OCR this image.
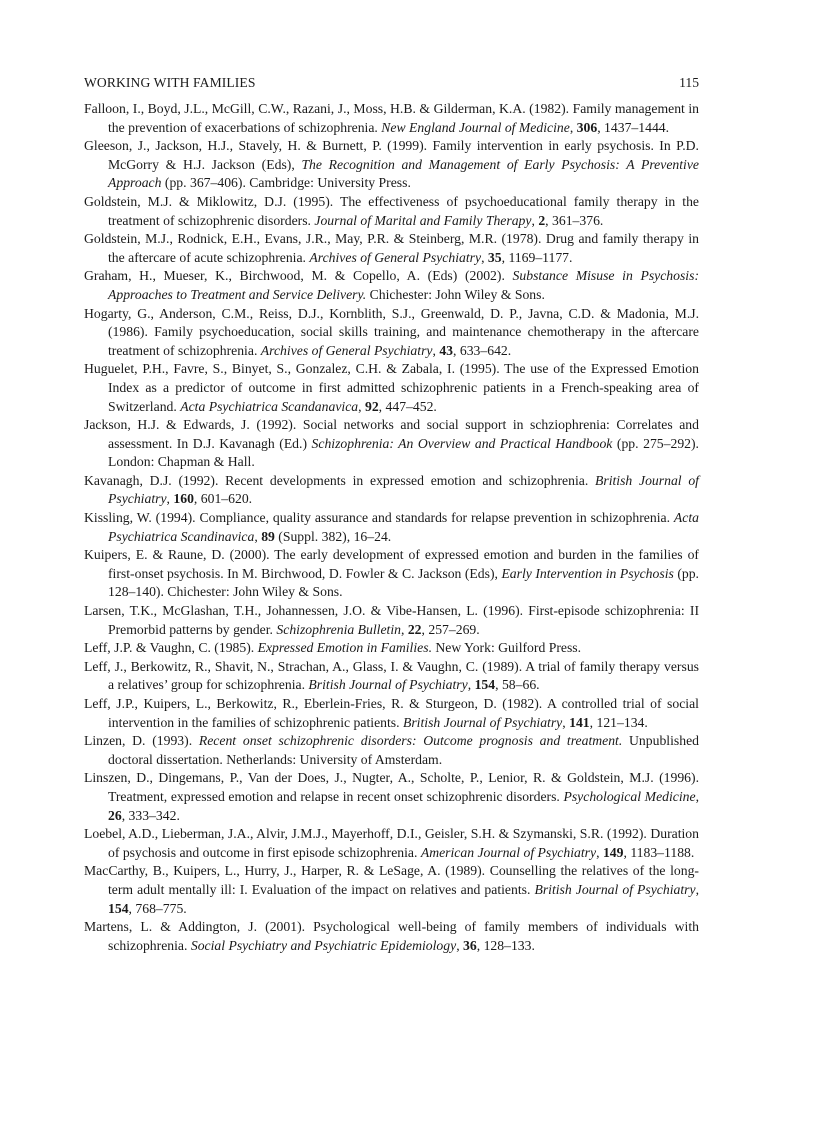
WORKING WITH FAMILIES	115

Falloon, I., Boyd, J.L., McGill, C.W., Razani, J., Moss, H.B. & Gilderman, K.A. (1982). Family management in the prevention of exacerbations of schizophrenia. New England Journal of Medicine, 306, 1437–1444.

Gleeson, J., Jackson, H.J., Stavely, H. & Burnett, P. (1999). Family intervention in early psychosis. In P.D. McGorry & H.J. Jackson (Eds), The Recognition and Management of Early Psychosis: A Preventive Approach (pp. 367–406). Cambridge: University Press.

Goldstein, M.J. & Miklowitz, D.J. (1995). The effectiveness of psychoeducational family therapy in the treatment of schizophrenic disorders. Journal of Marital and Family Therapy, 2, 361–376.

Goldstein, M.J., Rodnick, E.H., Evans, J.R., May, P.R. & Steinberg, M.R. (1978). Drug and family therapy in the aftercare of acute schizophrenia. Archives of General Psychiatry, 35, 1169–1177.

Graham, H., Mueser, K., Birchwood, M. & Copello, A. (Eds) (2002). Substance Misuse in Psychosis: Approaches to Treatment and Service Delivery. Chichester: John Wiley & Sons.

Hogarty, G., Anderson, C.M., Reiss, D.J., Kornblith, S.J., Greenwald, D. P., Javna, C.D. & Madonia, M.J. (1986). Family psychoeducation, social skills training, and maintenance chemotherapy in the aftercare treatment of schizophrenia. Archives of General Psychiatry, 43, 633–642.

Huguelet, P.H., Favre, S., Binyet, S., Gonzalez, C.H. & Zabala, I. (1995). The use of the Expressed Emotion Index as a predictor of outcome in first admitted schizophrenic patients in a French-speaking area of Switzerland. Acta Psychiatrica Scandanavica, 92, 447–452.

Jackson, H.J. & Edwards, J. (1992). Social networks and social support in schziophrenia: Correlates and assessment. In D.J. Kavanagh (Ed.) Schizophrenia: An Overview and Practical Handbook (pp. 275–292). London: Chapman & Hall.

Kavanagh, D.J. (1992). Recent developments in expressed emotion and schizophrenia. British Journal of Psychiatry, 160, 601–620.

Kissling, W. (1994). Compliance, quality assurance and standards for relapse prevention in schizophrenia. Acta Psychiatrica Scandinavica, 89 (Suppl. 382), 16–24.

Kuipers, E. & Raune, D. (2000). The early development of expressed emotion and burden in the families of first-onset psychosis. In M. Birchwood, D. Fowler & C. Jackson (Eds), Early Intervention in Psychosis (pp. 128–140). Chichester: John Wiley & Sons.

Larsen, T.K., McGlashan, T.H., Johannessen, J.O. & Vibe-Hansen, L. (1996). First-episode schizophrenia: II Premorbid patterns by gender. Schizophrenia Bulletin, 22, 257–269.

Leff, J.P. & Vaughn, C. (1985). Expressed Emotion in Families. New York: Guilford Press.

Leff, J., Berkowitz, R., Shavit, N., Strachan, A., Glass, I. & Vaughn, C. (1989). A trial of family therapy versus a relatives’ group for schizophrenia. British Journal of Psychiatry, 154, 58–66.

Leff, J.P., Kuipers, L., Berkowitz, R., Eberlein-Fries, R. & Sturgeon, D. (1982). A controlled trial of social intervention in the families of schizophrenic patients. British Journal of Psychiatry, 141, 121–134.

Linzen, D. (1993). Recent onset schizophrenic disorders: Outcome prognosis and treatment. Unpublished doctoral dissertation. Netherlands: University of Amsterdam.

Linszen, D., Dingemans, P., Van der Does, J., Nugter, A., Scholte, P., Lenior, R. & Goldstein, M.J. (1996). Treatment, expressed emotion and relapse in recent onset schizophrenic disorders. Psychological Medicine, 26, 333–342.

Loebel, A.D., Lieberman, J.A., Alvir, J.M.J., Mayerhoff, D.I., Geisler, S.H. & Szymanski, S.R. (1992). Duration of psychosis and outcome in first episode schizophrenia. American Journal of Psychiatry, 149, 1183–1188.

MacCarthy, B., Kuipers, L., Hurry, J., Harper, R. & LeSage, A. (1989). Counselling the relatives of the long-term adult mentally ill: I. Evaluation of the impact on relatives and patients. British Journal of Psychiatry, 154, 768–775.

Martens, L. & Addington, J. (2001). Psychological well-being of family members of individuals with schizophrenia. Social Psychiatry and Psychiatric Epidemiology, 36, 128–133.
